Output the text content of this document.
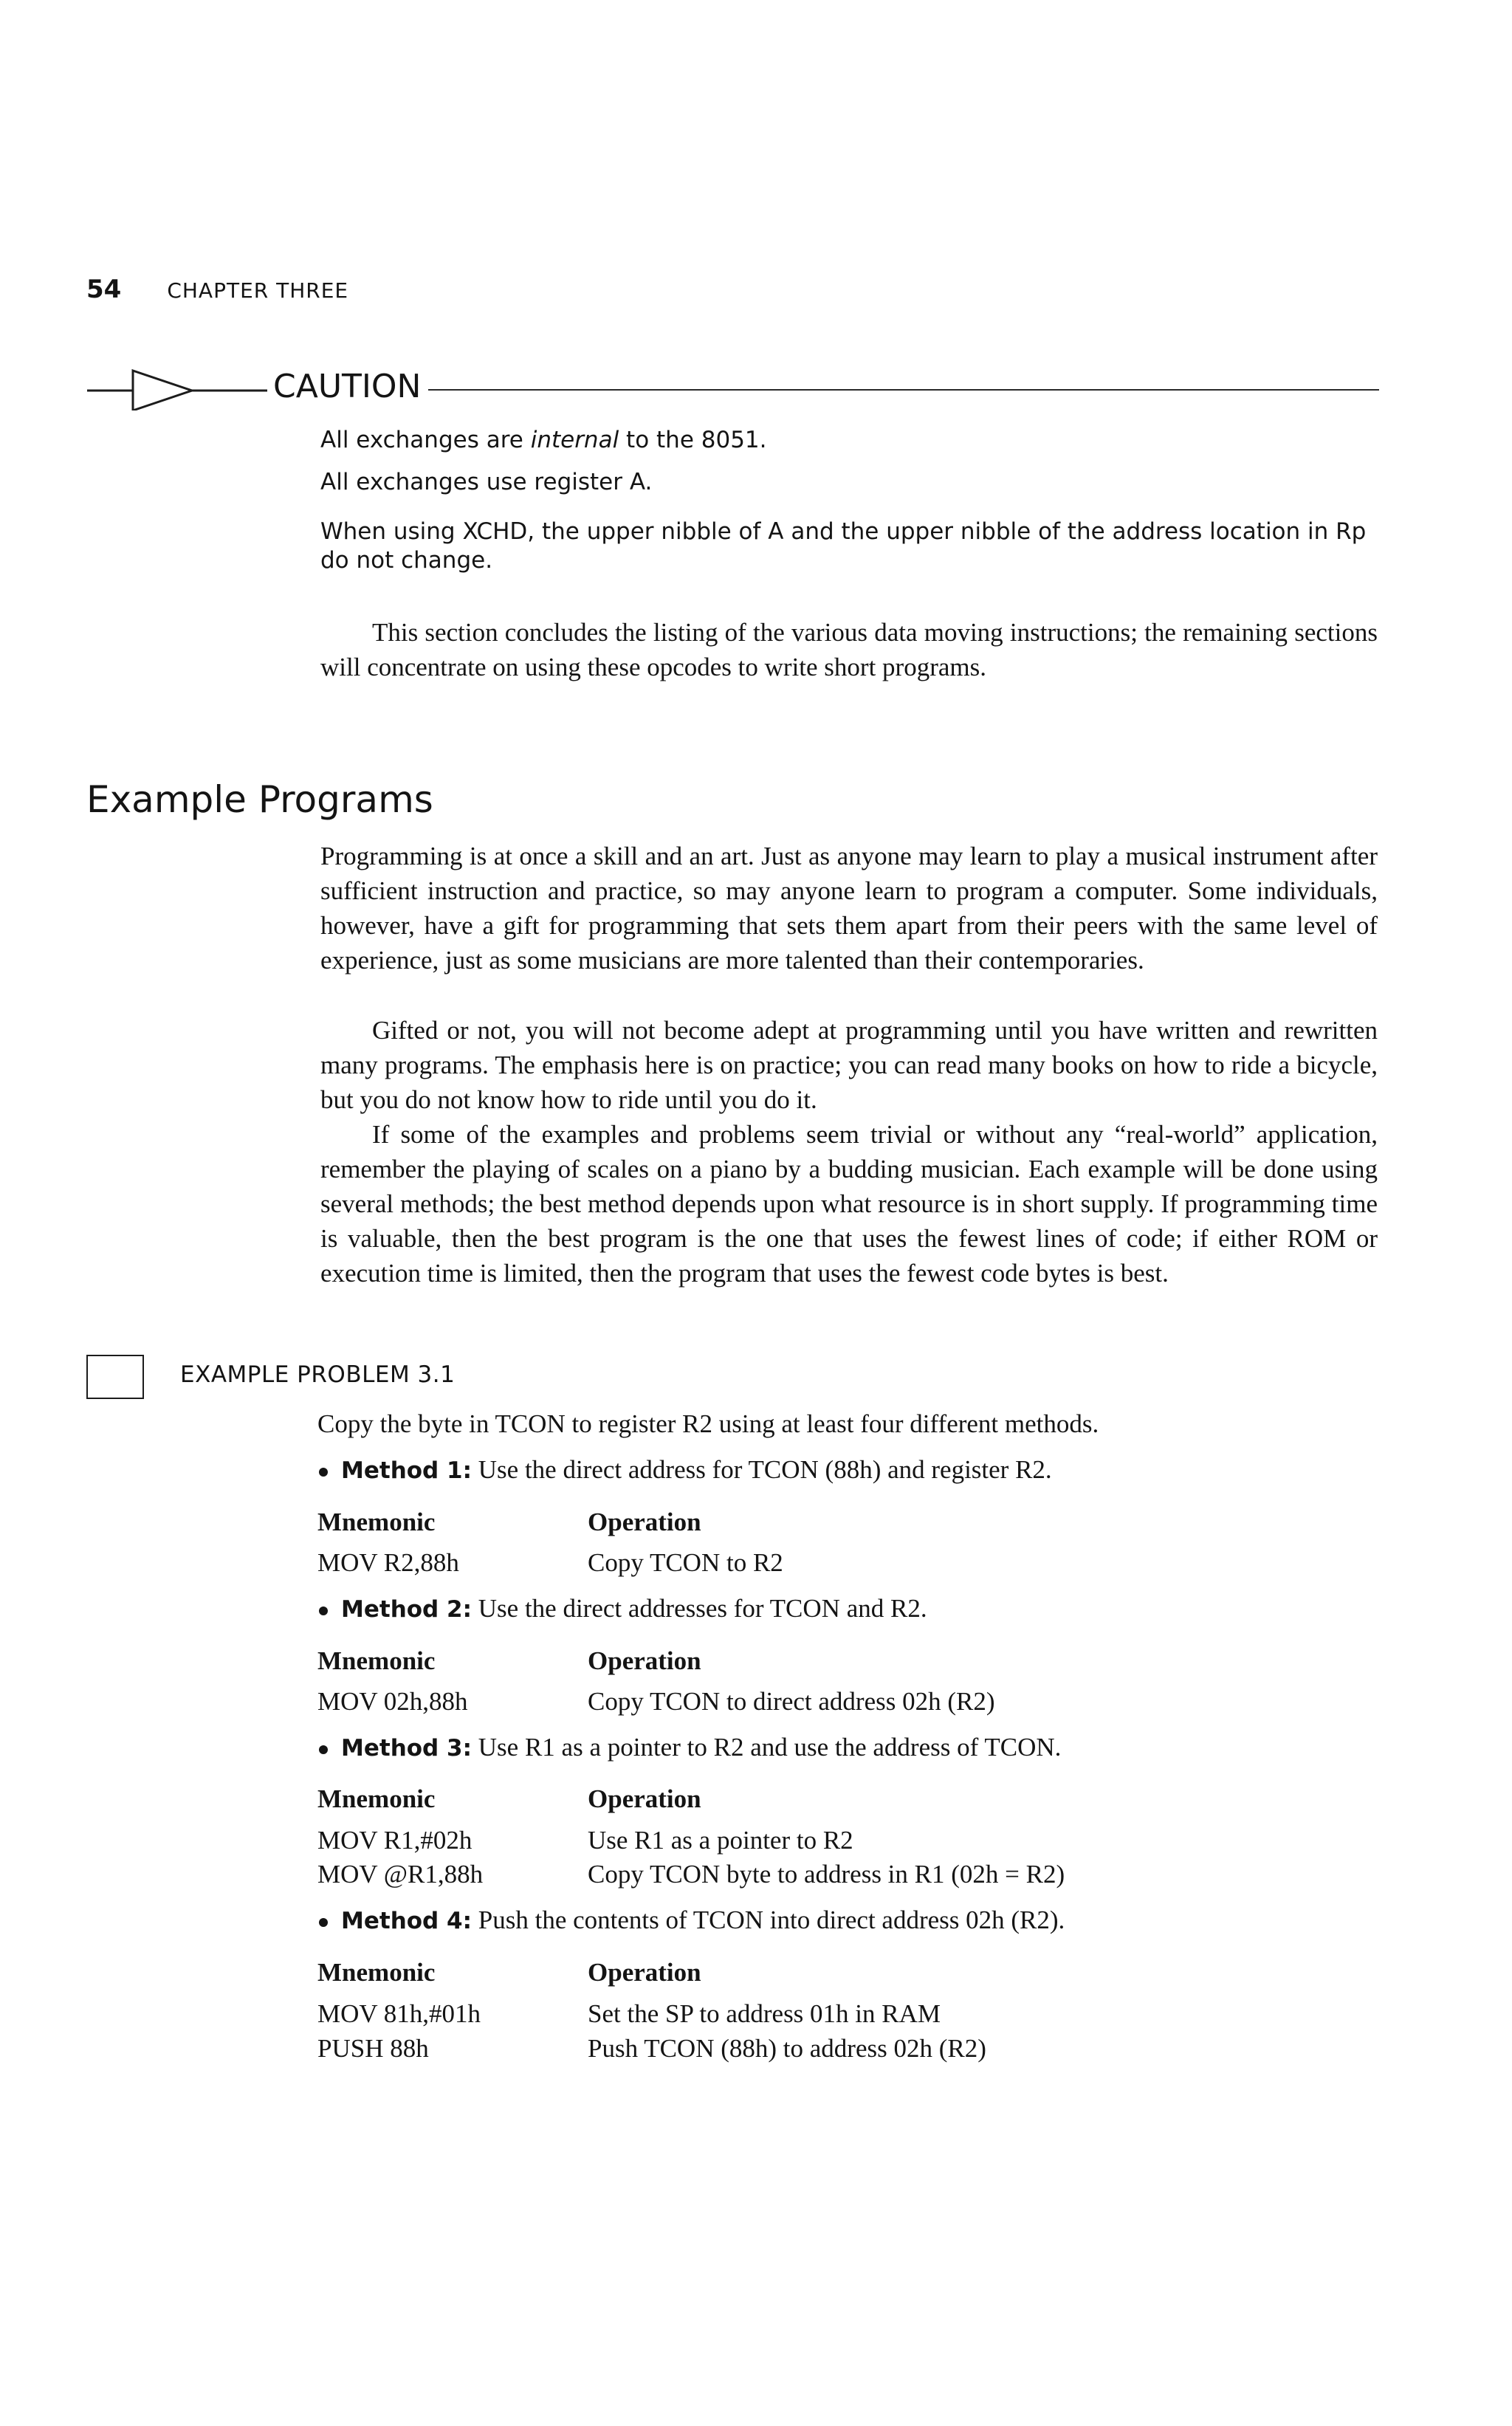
54 CHAPTER THREE
CAUTION
All exchanges are internal to the 8051.
All exchanges use register A.
When using XCHD, the upper nibble of A and the upper nibble of the address location in Rp do not change.

This section concludes the listing of the various data moving instructions; the remaining sections will concentrate on using these opcodes to write short programs.

Example Programs

Programming is at once a skill and an art. Just as anyone may learn to play a musical instrument after sufficient instruction and practice, so may anyone learn to program a computer. Some individuals, however, have a gift for programming that sets them apart from their peers with the same level of experience, just as some musicians are more talented than their contemporaries.

Gifted or not, you will not become adept at programming until you have written and rewritten many programs. The emphasis here is on practice; you can read many books on how to ride a bicycle, but you do not know how to ride until you do it.

If some of the examples and problems seem trivial or without any “real-world” application, remember the playing of scales on a piano by a budding musician. Each example will be done using several methods; the best method depends upon what resource is in short supply. If programming time is valuable, then the best program is the one that uses the fewest lines of code; if either ROM or execution time is limited, then the program that uses the fewest code bytes is best.

EXAMPLE PROBLEM 3.1
Copy the byte in TCON to register R2 using at least four different methods.
Method 1: Use the direct address for TCON (88h) and register R2.
Mnemonic	Operation
MOV R2,88h	Copy TCON to R2
Method 2: Use the direct addresses for TCON and R2.
Mnemonic	Operation
MOV 02h,88h	Copy TCON to direct address 02h (R2)
Method 3: Use R1 as a pointer to R2 and use the address of TCON.
Mnemonic	Operation
MOV R1,#02h	Use R1 as a pointer to R2
MOV @R1,88h	Copy TCON byte to address in R1 (02h = R2)
Method 4: Push the contents of TCON into direct address 02h (R2).
Mnemonic	Operation
MOV 81h,#01h	Set the SP to address 01h in RAM
PUSH 88h	Push TCON (88h) to address 02h (R2)
